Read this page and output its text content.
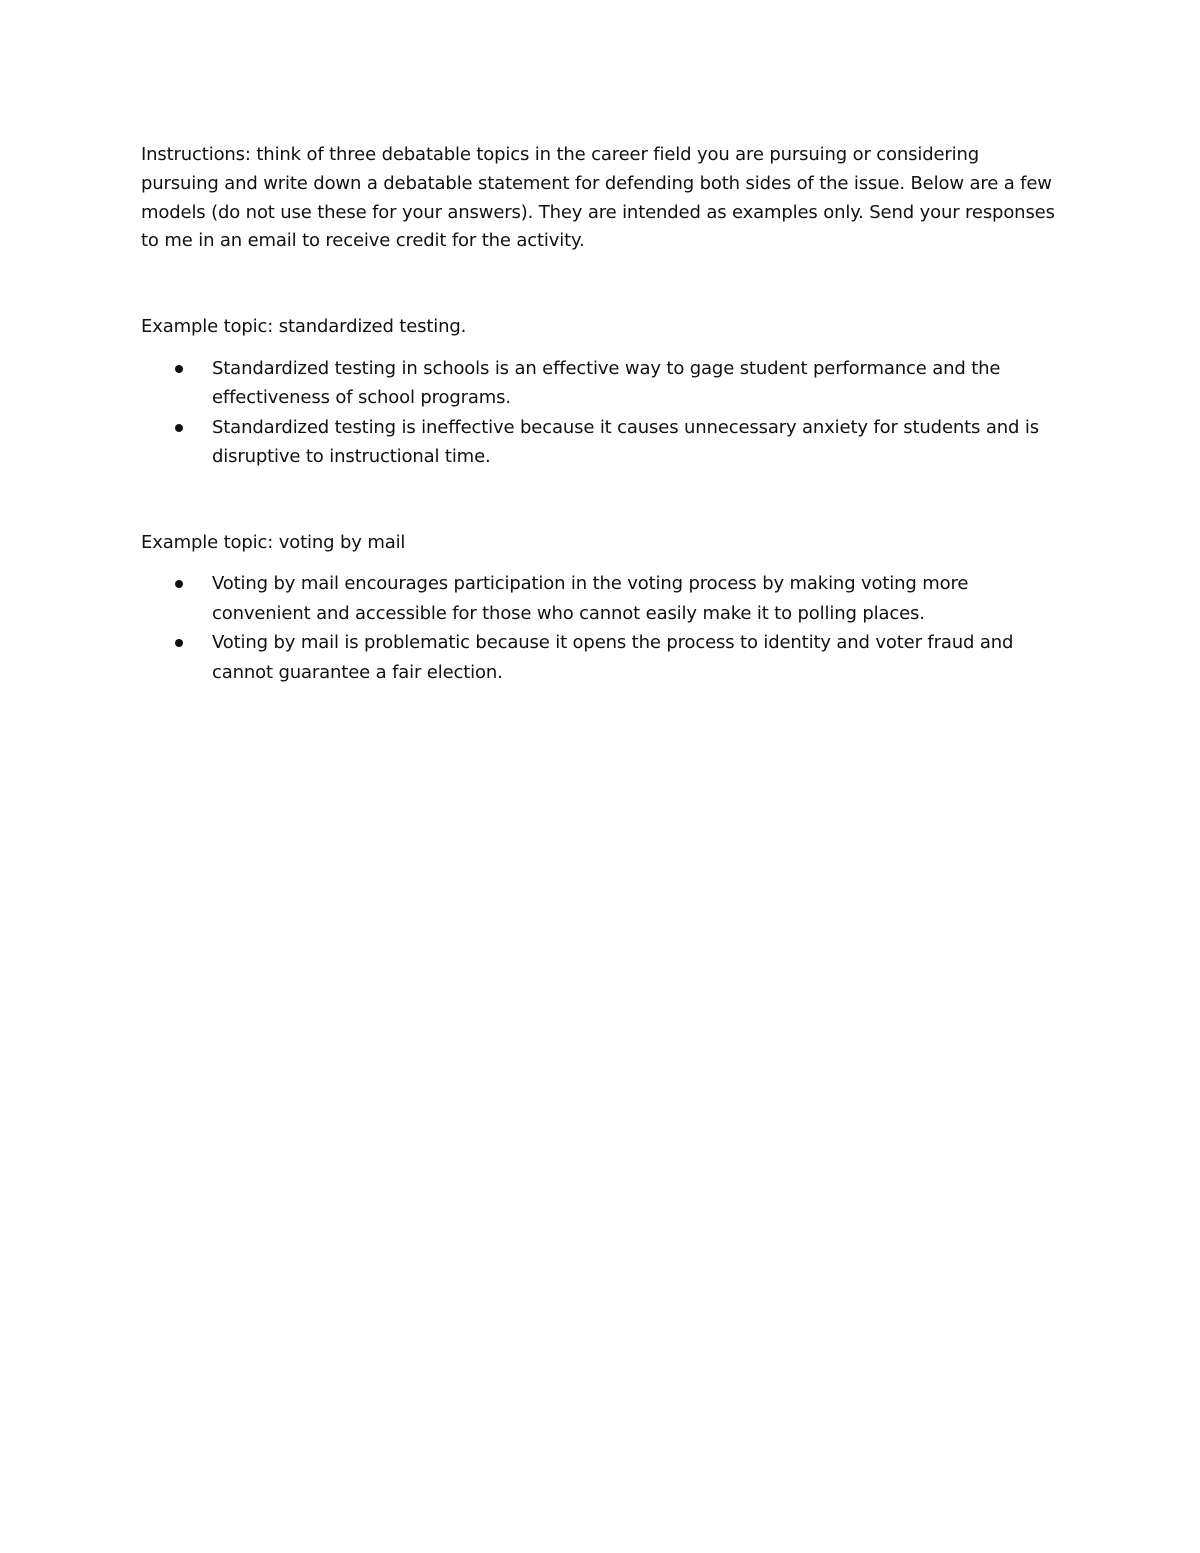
Instructions: think of three debatable topics in the career field you are pursuing or considering pursuing and write down a debatable statement for defending both sides of the issue. Below are a few models (do not use these for your answers). They are intended as examples only. Send your responses to me in an email to receive credit for the activity.

Example topic: standardized testing.

Standardized testing in schools is an effective way to gage student performance and the effectiveness of school programs.
Standardized testing is ineffective because it causes unnecessary anxiety for students and is disruptive to instructional time.

Example topic: voting by mail

Voting by mail encourages participation in the voting process by making voting more convenient and accessible for those who cannot easily make it to polling places.
Voting by mail is problematic because it opens the process to identity and voter fraud and cannot guarantee a fair election.
